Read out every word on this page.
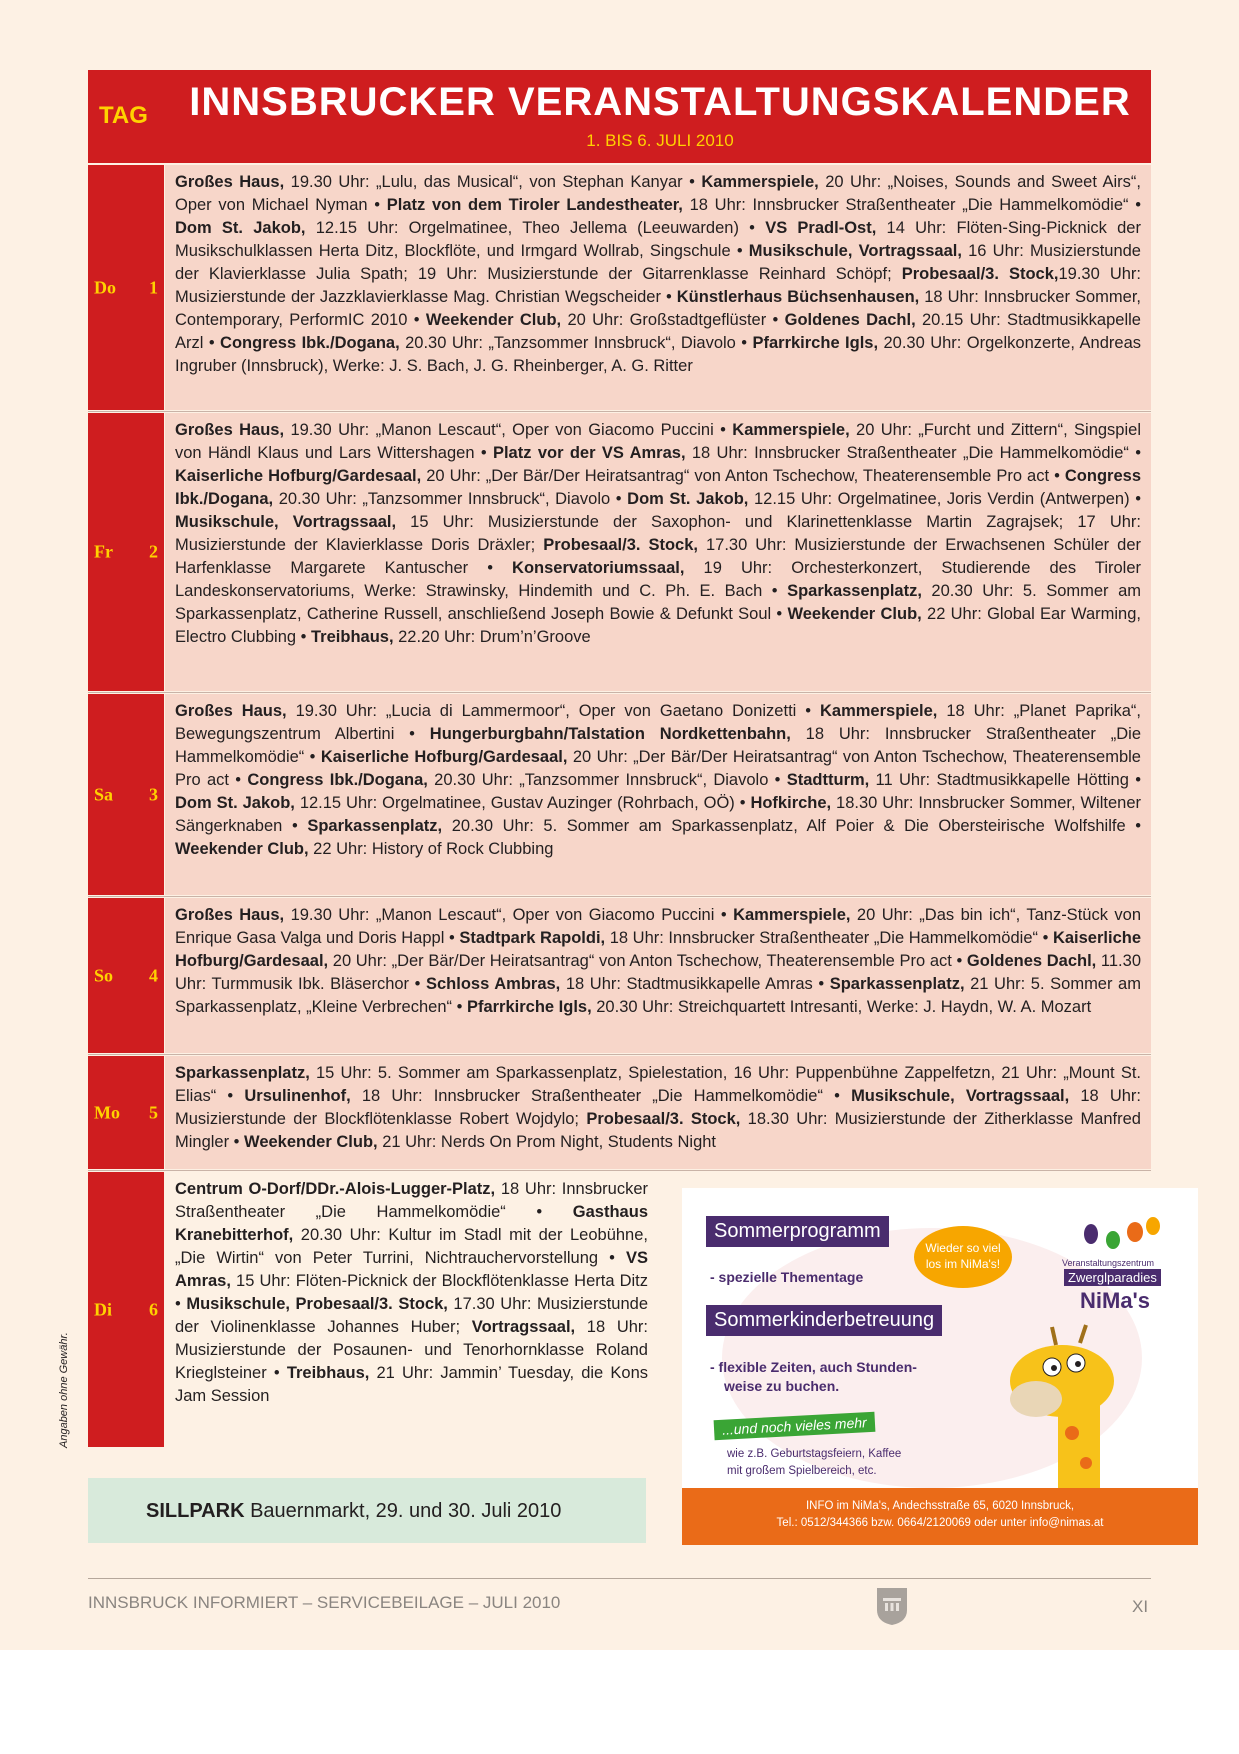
TAG INNSBRUCKER VERANSTALTUNGSKALENDER
1. BIS 6. JULI 2010
Do 1

Großes Haus, 19.30 Uhr: „Lulu, das Musical“, von Stephan Kanyar • Kammerspiele, 20 Uhr: „Noises, Sounds and Sweet Airs“, Oper von Michael Nyman • Platz von dem Tiroler Landestheater, 18 Uhr: Innsbrucker Straßentheater „Die Hammelkomödie“ • Dom St. Jakob, 12.15 Uhr: Orgelmatinee, Theo Jellema (Leeuwarden) • VS Pradl-Ost, 14 Uhr: Flöten-Sing-Picknick der Musikschulklassen Herta Ditz, Blockflöte, und Irmgard Wollrab, Singschule • Musikschule, Vortragssaal, 16 Uhr: Musizierstunde der Klavierklasse Julia Spath; 19 Uhr: Musizierstunde der Gitarrenklasse Reinhard Schöpf; Probesaal/3. Stock,19.30 Uhr: Musizierstunde der Jazzklavierklasse Mag. Christian Wegscheider • Künstlerhaus Büchsenhausen, 18 Uhr: Innsbrucker Sommer, Contemporary, PerformIC 2010 • Weekender Club, 20 Uhr: Großstadtgeflüster • Goldenes Dachl, 20.15 Uhr: Stadtmusikkapelle Arzl • Congress Ibk./Dogana, 20.30 Uhr: „Tanzsommer Innsbruck“, Diavolo • Pfarrkirche Igls, 20.30 Uhr: Orgelkonzerte, Andreas Ingruber (Innsbruck), Werke: J. S. Bach, J. G. Rheinberger, A. G. Ritter

Fr 2

Großes Haus, 19.30 Uhr: „Manon Lescaut“, Oper von Giacomo Puccini • Kammerspiele, 20 Uhr: „Furcht und Zittern“, Singspiel von Händl Klaus und Lars Wittershagen • Platz vor der VS Amras, 18 Uhr: Innsbrucker Straßentheater „Die Hammelkomödie“ • Kaiserliche Hofburg/Gardesaal, 20 Uhr: „Der Bär/Der Heiratsantrag“ von Anton Tschechow, Theaterensemble Pro act • Congress Ibk./Dogana, 20.30 Uhr: „Tanzsommer Innsbruck“, Diavolo • Dom St. Jakob, 12.15 Uhr: Orgelmatinee, Joris Verdin (Antwerpen) • Musikschule, Vortragssaal, 15 Uhr: Musizierstunde der Saxophon- und Klarinettenklasse Martin Zagrajsek; 17 Uhr: Musizierstunde der Klavierklasse Doris Dräxler; Probesaal/3. Stock, 17.30 Uhr: Musizierstunde der Erwachsenen Schüler der Harfenklasse Margarete Kantuscher • Konservatoriumssaal, 19 Uhr: Orchesterkonzert, Studierende des Tiroler Landeskonservatoriums, Werke: Strawinsky, Hindemith und C. Ph. E. Bach • Sparkassenplatz, 20.30 Uhr: 5. Sommer am Sparkassenplatz, Catherine Russell, anschließend Joseph Bowie & Defunkt Soul • Weekender Club, 22 Uhr: Global Ear Warming, Electro Clubbing • Treibhaus, 22.20 Uhr: Drum’n’Groove

Sa 3

Großes Haus, 19.30 Uhr: „Lucia di Lammermoor“, Oper von Gaetano Donizetti • Kammerspiele, 18 Uhr: „Planet Paprika“, Bewegungszentrum Albertini • Hungerburgbahn/Talstation Nordkettenbahn, 18 Uhr: Innsbrucker Straßentheater „Die Hammelkomödie“ • Kaiserliche Hofburg/Gardesaal, 20 Uhr: „Der Bär/Der Heiratsantrag“ von Anton Tschechow, Theaterensemble Pro act • Congress Ibk./Dogana, 20.30 Uhr: „Tanzsommer Innsbruck“, Diavolo • Stadtturm, 11 Uhr: Stadtmusikkapelle Hötting • Dom St. Jakob, 12.15 Uhr: Orgelmatinee, Gustav Auzinger (Rohrbach, OÖ) • Hofkirche, 18.30 Uhr: Innsbrucker Sommer, Wiltener Sängerknaben • Sparkassenplatz, 20.30 Uhr: 5. Sommer am Sparkassenplatz, Alf Poier & Die Obersteirische Wolfshilfe • Weekender Club, 22 Uhr: History of Rock Clubbing

So 4

Großes Haus, 19.30 Uhr: „Manon Lescaut“, Oper von Giacomo Puccini • Kammerspiele, 20 Uhr: „Das bin ich“, Tanz-Stück von Enrique Gasa Valga und Doris Happl • Stadtpark Rapoldi, 18 Uhr: Innsbrucker Straßentheater „Die Hammelkomödie“ • Kaiserliche Hofburg/Gardesaal, 20 Uhr: „Der Bär/Der Heiratsantrag“ von Anton Tschechow, Theaterensemble Pro act • Goldenes Dachl, 11.30 Uhr: Turmmusik Ibk. Bläserchor • Schloss Ambras, 18 Uhr: Stadtmusikkapelle Amras • Sparkassenplatz, 21 Uhr: 5. Sommer am Sparkassenplatz, „Kleine Verbrechen“ • Pfarrkirche Igls, 20.30 Uhr: Streichquartett Intresanti, Werke: J. Haydn, W. A. Mozart

Mo 5

Sparkassenplatz, 15 Uhr: 5. Sommer am Sparkassenplatz, Spielestation, 16 Uhr: Puppenbühne Zappelfetzn, 21 Uhr: „Mount St. Elias“ • Ursulinenhof, 18 Uhr: Innsbrucker Straßentheater „Die Hammelkomödie“ • Musikschule, Vortragssaal, 18 Uhr: Musizierstunde der Blockflötenklasse Robert Wojdylo; Probesaal/3. Stock, 18.30 Uhr: Musizierstunde der Zitherklasse Manfred Mingler • Weekender Club, 21 Uhr: Nerds On Prom Night, Students Night

Di 6

Centrum O-Dorf/DDr.-Alois-Lugger-Platz, 18 Uhr: Innsbrucker Straßentheater „Die Hammelkomödie“ • Gasthaus Kranebitterhof, 20.30 Uhr: Kultur im Stadl mit der Leobühne, „Die Wirtin“ von Peter Turrini, Nichtrauchervorstellung • VS Amras, 15 Uhr: Flöten-Picknick der Blockflötenklasse Herta Ditz • Musikschule, Probesaal/3. Stock, 17.30 Uhr: Musizierstunde der Violinenklasse Johannes Huber; Vortragssaal, 18 Uhr: Musizierstunde der Posaunen- und Tenorhornklasse Roland Krieglsteiner • Treibhaus, 21 Uhr: Jammin’ Tuesday, die Kons Jam Session

Angaben ohne Gewähr.
SILLPARK Bauernmarkt, 29. und 30. Juli 2010
Sommerprogramm
- spezielle Thementage
Sommerkinderbetreuung
- flexible Zeiten, auch Stunden-
weise zu buchen.
...und noch vieles mehr
wie z.B. Geburtstagsfeiern, Kaffee
mit großem Spielbereich, etc.
Wieder so viel
los im NiMa's!	Veranstaltungszentrum
Zwerglparadies
NiMa's
INFO im NiMa's, Andechsstraße 65, 6020 Innsbruck,
Tel.: 0512/344366 bzw. 0664/2120069 oder unter info@nimas.at
INNSBRUCK INFORMIERT – SERVICEBEILAGE – JULI 2010	XI
